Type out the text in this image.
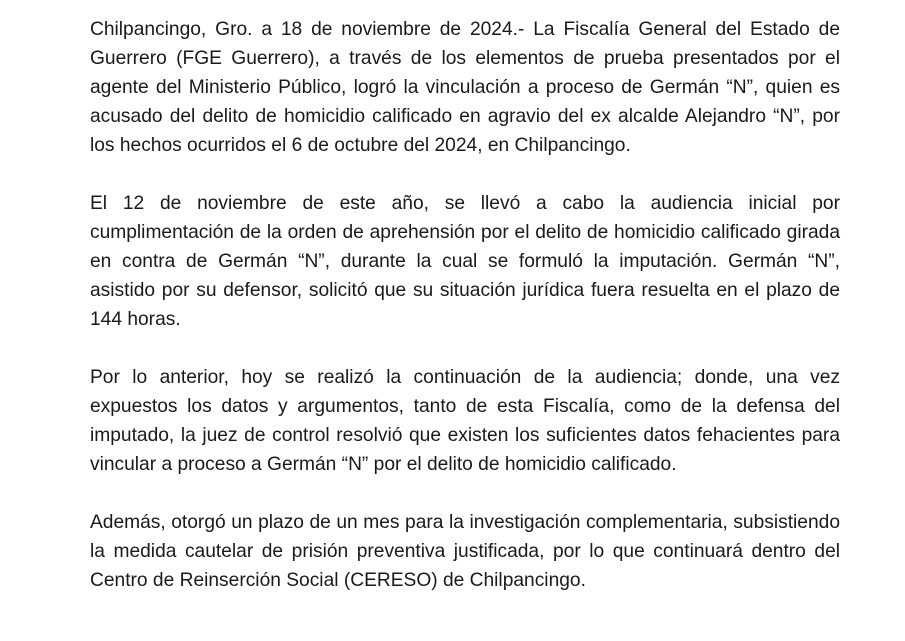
Chilpancingo, Gro. a 18 de noviembre de 2024.- La Fiscalía General del Estado de Guerrero (FGE Guerrero), a través de los elementos de prueba presentados por el agente del Ministerio Público, logró la vinculación a proceso de Germán “N”, quien es acusado del delito de homicidio calificado en agravio del ex alcalde Alejandro “N”, por los hechos ocurridos el 6 de octubre del 2024, en Chilpancingo.

El 12 de noviembre de este año, se llevó a cabo la audiencia inicial por cumplimentación de la orden de aprehensión por el delito de homicidio calificado girada en contra de Germán “N”, durante la cual se formuló la imputación. Germán “N”, asistido por su defensor, solicitó que su situación jurídica fuera resuelta en el plazo de 144 horas.

Por lo anterior, hoy se realizó la continuación de la audiencia; donde, una vez expuestos los datos y argumentos, tanto de esta Fiscalía, como de la defensa del imputado, la juez de control resolvió que existen los suficientes datos fehacientes para vincular a proceso a Germán “N” por el delito de homicidio calificado.

Además, otorgó un plazo de un mes para la investigación complementaria, subsistiendo la medida cautelar de prisión preventiva justificada, por lo que continuará dentro del Centro de Reinserción Social (CERESO) de Chilpancingo.
